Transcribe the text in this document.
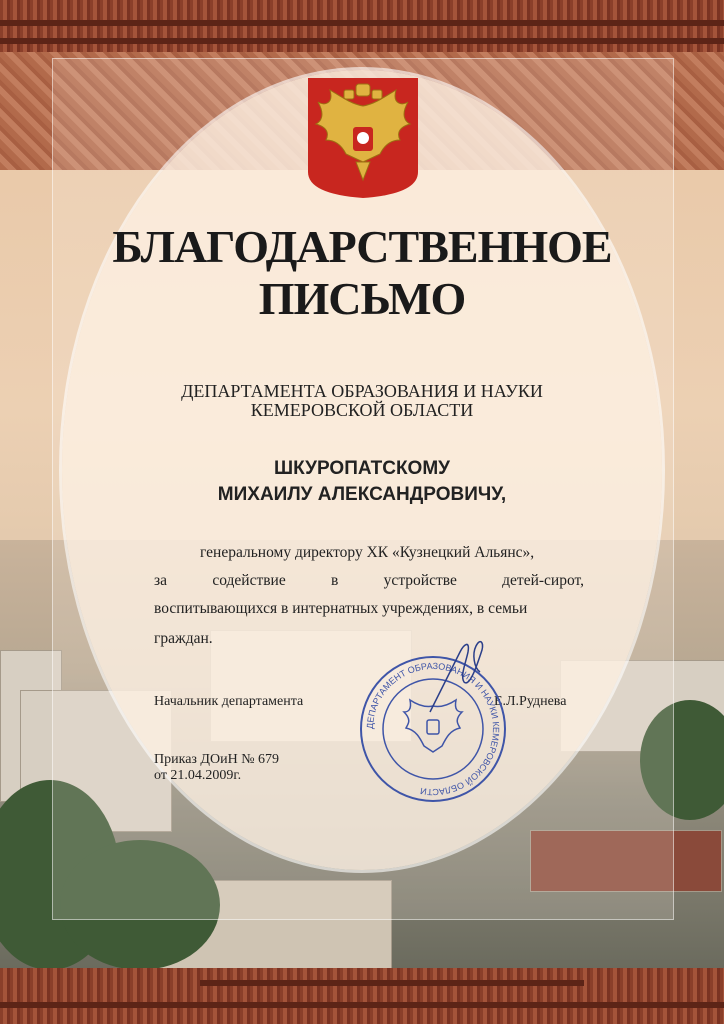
БЛАГОДАРСТВЕННОЕ
ПИСЬМО
ДЕПАРТАМЕНТА ОБРАЗОВАНИЯ И НАУКИ
КЕМЕРОВСКОЙ ОБЛАСТИ
ШКУРОПАТСКОМУ
МИХАИЛУ АЛЕКСАНДРОВИЧУ,
генеральному директору ХК «Кузнецкий Альянс»,
за содействие в устройстве детей-сирот,
воспитывающихся в интернатных учреждениях, в семьи
граждан.
Начальник департамента	Е.Л.Руднева
ДЕПАРТАМЕНТ ОБРАЗОВАНИЯ И НАУКИ КЕМЕРОВСКОЙ ОБЛАСТИ
Приказ ДОиН № 679
от 21.04.2009г.
